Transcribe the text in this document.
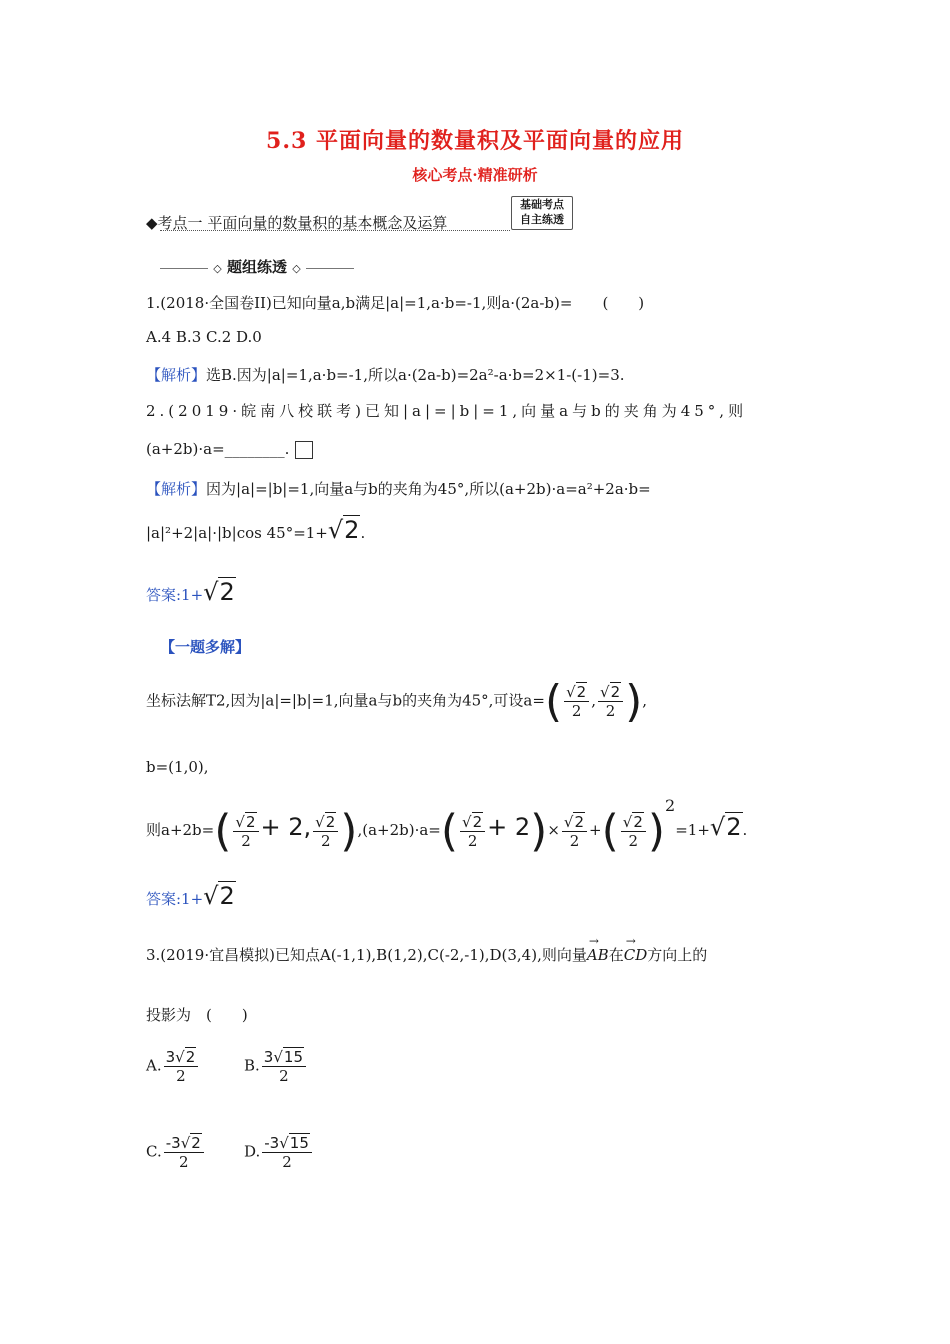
5.3 平面向量的数量积及平面向量的应用
核心考点·精准研析
◆考点一 平面向量的数量积的基本概念及运算
基础考点
自主练透
◇ 题组练透 ◇
1.(2018·全国卷II)已知向量a,b满足|a|=1,a·b=-1,则a·(2a-b)=　　(　　)
A.4 B.3 C.2 D.0
【解析】选B.因为|a|=1,a·b=-1,所以a·(2a-b)=2a²-a·b=2×1-(-1)=3.
2.(2019·皖南八校联考)已知|a|=|b|=1,向量a与b的夹角为45°,则
(a+2b)·a=________.
【解析】因为|a|=|b|=1,向量a与b的夹角为45°,所以(a+2b)·a=a²+2a·b=
|a|²+2|a|·|b|cos 45°=1+√2.
答案:1+√2
【一题多解】
坐标法解T2,因为|a|=|b|=1,向量a与b的夹角为45°,可设$a=( \frac{√2}{2}$ , $\frac{√2}{2}$ ),
b=(1,0),
则$a+2b=( \frac{√2}{2} + 2$, $\frac{√2}{2} ),(a+2b)\cdot a=( \frac{√2}{2} + 2)\times \frac{√2}{2}$ +( $\frac{√2}{2} )^2=1+√2$.
答案:1+√2
3.(2019·宜昌模拟)已知点A(-1,1),B(1,2),C(-2,-1),D(3,4),则向量→ AB在→ CD方向上的
投影为　(　　)
A. $\frac{3√2}{2}$	B. $\frac{3√15}{2}$
C. $\frac{-3√2}{2}$	D. $\frac{-3√15}{2}$
